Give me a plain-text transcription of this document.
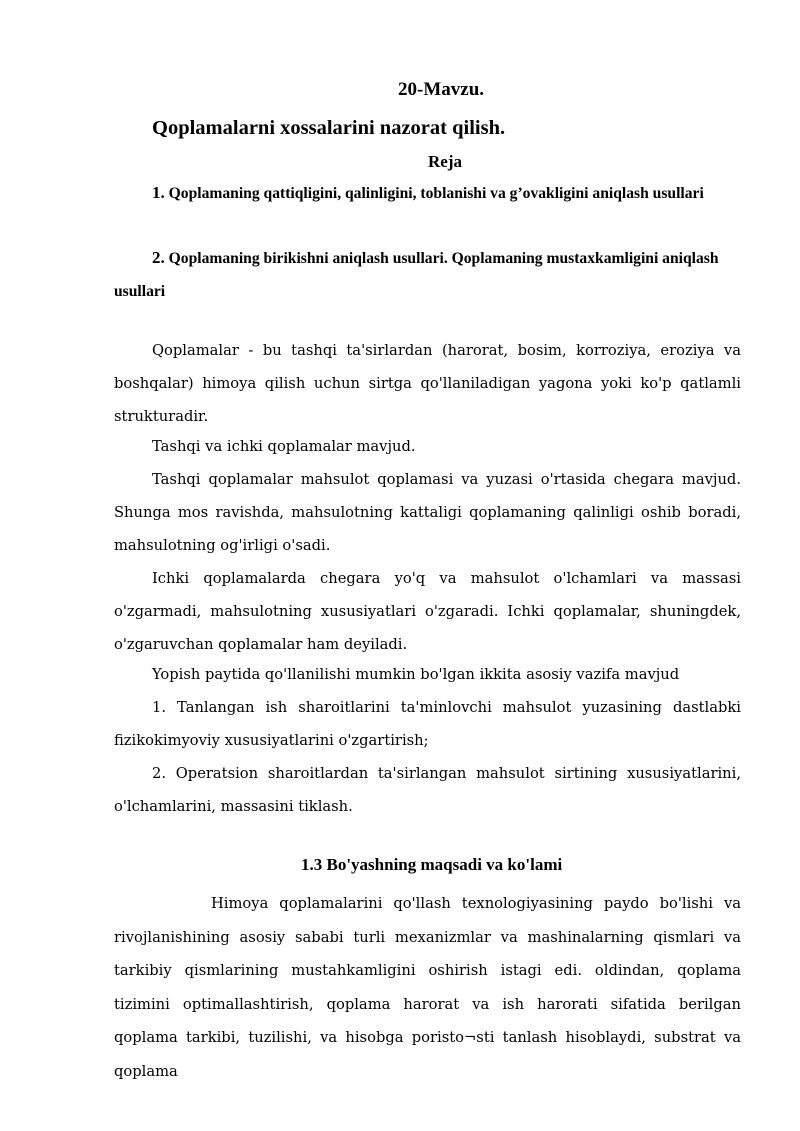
20-Mavzu.
Qoplamalarni xossalarini nazorat qilish.
Reja

1. Qoplamaning qattiqligini, qalinligini, toblanishi va g’ovakligini aniqlash usullari

2. Qoplamaning birikishni aniqlash usullari. Qoplamaning mustaxkamligini aniqlash usullari

Qoplamalar - bu tashqi ta'sirlardan (harorat, bosim, korroziya, eroziya va boshqalar) himoya qilish uchun sirtga qo'llaniladigan yagona yoki ko'p qatlamli strukturadir.

Tashqi va ichki qoplamalar mavjud.

Tashqi qoplamalar mahsulot qoplamasi va yuzasi o'rtasida chegara mavjud. Shunga mos ravishda, mahsulotning kattaligi qoplamaning qalinligi oshib boradi, mahsulotning og'irligi o'sadi.

Ichki qoplamalarda chegara yo'q va mahsulot o'lchamlari va massasi o'zgarmadi, mahsulotning xususiyatlari o'zgaradi. Ichki qoplamalar, shuningdek, o'zgaruvchan qoplamalar ham deyiladi.

Yopish paytida qo'llanilishi mumkin bo'lgan ikkita asosiy vazifa mavjud

1. Tanlangan ish sharoitlarini ta'minlovchi mahsulot yuzasining dastlabki fizikokimyoviy xususiyatlarini o'zgartirish;

2. Operatsion sharoitlardan ta'sirlangan mahsulot sirtining xususiyatlarini, o'lchamlarini, massasini tiklash.

1.3 Bo'yashning maqsadi va ko'lami

Himoya qoplamalarini qo'llash texnologiyasining paydo bo'lishi va rivojlanishining asosiy sababi turli mexanizmlar va mashinalarning qismlari va tarkibiy qismlarining mustahkamligini oshirish istagi edi. oldindan, qoplama tizimini optimallashtirish, qoplama harorat va ish harorati sifatida berilgan qoplama tarkibi, tuzilishi, va hisobga poristo¬sti tanlash hisoblaydi, substrat va qoplama
